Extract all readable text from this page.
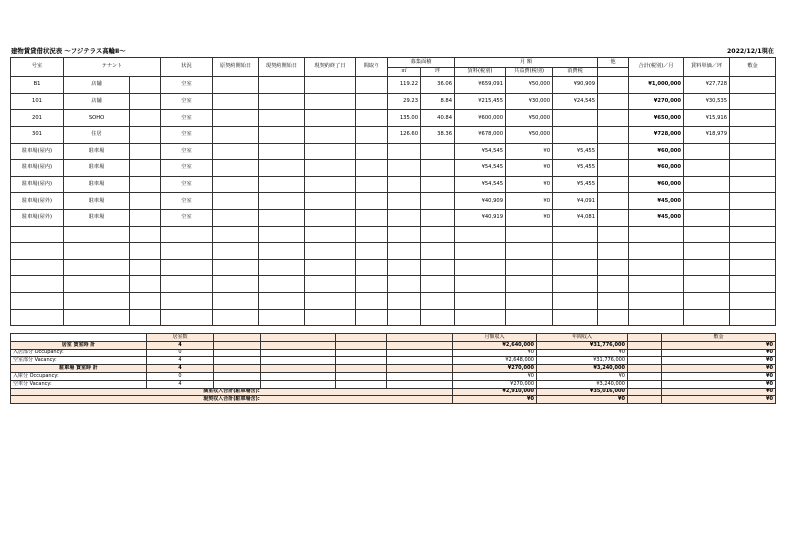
建物賃貸借状況表 ～フジテラス高輪Ⅱ～	2022/12/1現在
号室	テナント		状況	原契約開始日	現契約開始日	現契約終了日	間取り	募集面積		月 額			他	合計(税別)／月	賃料単価／坪	敷金
								㎡	坪	賃料(税別)	共益費(税別)	消費税				
B1	店舗		空室					119.22	36.06	¥659,091	¥50,000	¥90,909		¥1,000,000	¥27,728	
101	店舗		空室					29.23	8.84	¥215,455	¥30,000	¥24,545		¥270,000	¥30,535	
201	SOHO		空室					135.00	40.84	¥600,000	¥50,000			¥650,000	¥15,916	
301	住居		空室					126.60	38.36	¥678,000	¥50,000			¥728,000	¥18,979	
駐車場(屋内)	駐車場		空室							¥54,545	¥0	¥5,455		¥60,000		
駐車場(屋内)	駐車場		空室							¥54,545	¥0	¥5,455		¥60,000		
駐車場(屋内)	駐車場		空室							¥54,545	¥0	¥5,455		¥60,000		
駐車場(屋外)	駐車場		空室							¥40,909	¥0	¥4,091		¥45,000		
駐車場(屋外)	駐車場		空室							¥40,919	¥0	¥4,081		¥45,000		

	居室数					月額収入	年間収入		敷金
居室 賃室時 計	4					¥2,640,000	¥31,776,000		¥0
入居部分 Occupancy:	0					¥0	¥0		¥0
空室部分 Vacancy:	4					¥2,648,000	¥31,776,000		¥0
駐車場 賃室時 計	4					¥270,000	¥3,240,000		¥0
入庫分 Occupancy:	0					¥0	¥0		¥0
空車分 Vacancy:	4					¥270,000	¥3,240,000		¥0
満室収入合計(駐車場含):						¥2,910,000	¥35,016,000		¥0
現契収入合計(駐車場含):						¥0	¥0		¥0
